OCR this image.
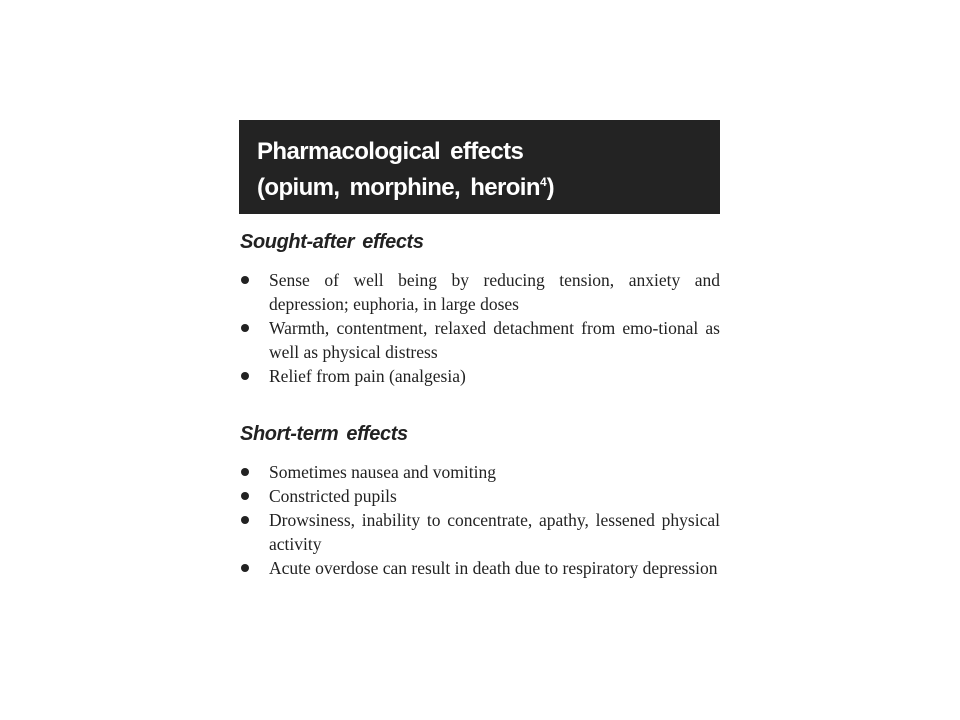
Pharmacological effects
(opium, morphine, heroin$^4$)
Sought-after effects
Sense of well being by reducing tension, anxiety and depression; euphoria, in large doses
Warmth, contentment, relaxed detachment from emo-tional as well as physical distress
Relief from pain (analgesia)
Short-term effects
Sometimes nausea and vomiting
Constricted pupils
Drowsiness, inability to concentrate, apathy, lessened physical activity
Acute overdose can result in death due to respiratory depression
